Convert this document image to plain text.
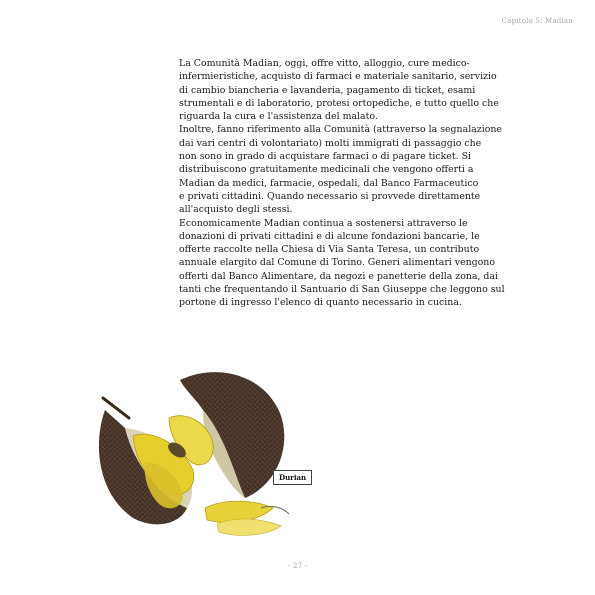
Capitolo 5: Madian

La Comunità Madian, oggi, offre vitto, alloggio, cure medico-
infermieristiche, acquisto di farmaci e materiale sanitario, servizio
di cambio biancheria e lavanderia, pagamento di ticket, esami
strumentali e di laboratorio, protesi ortopediche, e tutto quello che
riguarda la cura e l'assistenza del malato.

Inoltre, fanno riferimento alla Comunità (attraverso la segnalazione
dai vari centri di volontariato) molti immigrati di passaggio che
non sono in grado di acquistare farmaci o di pagare ticket. Si
distribuiscono gratuitamente medicinali che vengono offerti a
Madian da medici, farmacie, ospedali, dal Banco Farmaceutico
e privati cittadini. Quando necessario si provvede direttamente
all'acquisto degli stessi.

Economicamente Madian continua a sostenersi attraverso le
donazioni di privati cittadini e di alcune fondazioni bancarie, le
offerte raccolte nella Chiesa di Via Santa Teresa, un contributo
annuale elargito dal Comune di Torino. Generi alimentari vengono
offerti dal Banco Alimentare, da negozi e panetterie della zona, dai
tanti che frequentando il Santuario di San Giuseppe che leggono sul
portone di ingresso l'elenco di quanto necessario in cucina.

Durian
- 27 -
